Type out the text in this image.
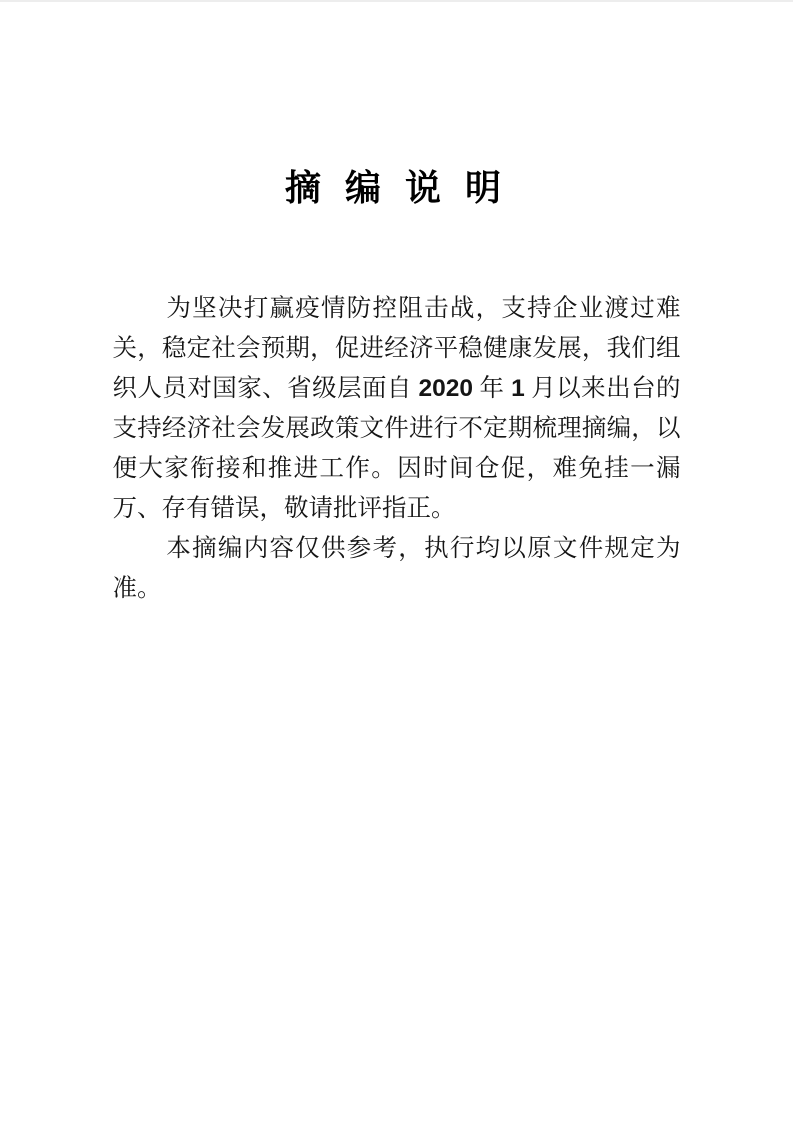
摘 编 说 明

为坚决打赢疫情防控阻击战，支持企业渡过难关，稳定社会预期，促进经济平稳健康发展，我们组织人员对国家、省级层面自 2020 年 1 月以来出台的支持经济社会发展政策文件进行不定期梳理摘编，以便大家衔接和推进工作。因时间仓促，难免挂一漏万、存有错误，敬请批评指正。

本摘编内容仅供参考，执行均以原文件规定为准。
